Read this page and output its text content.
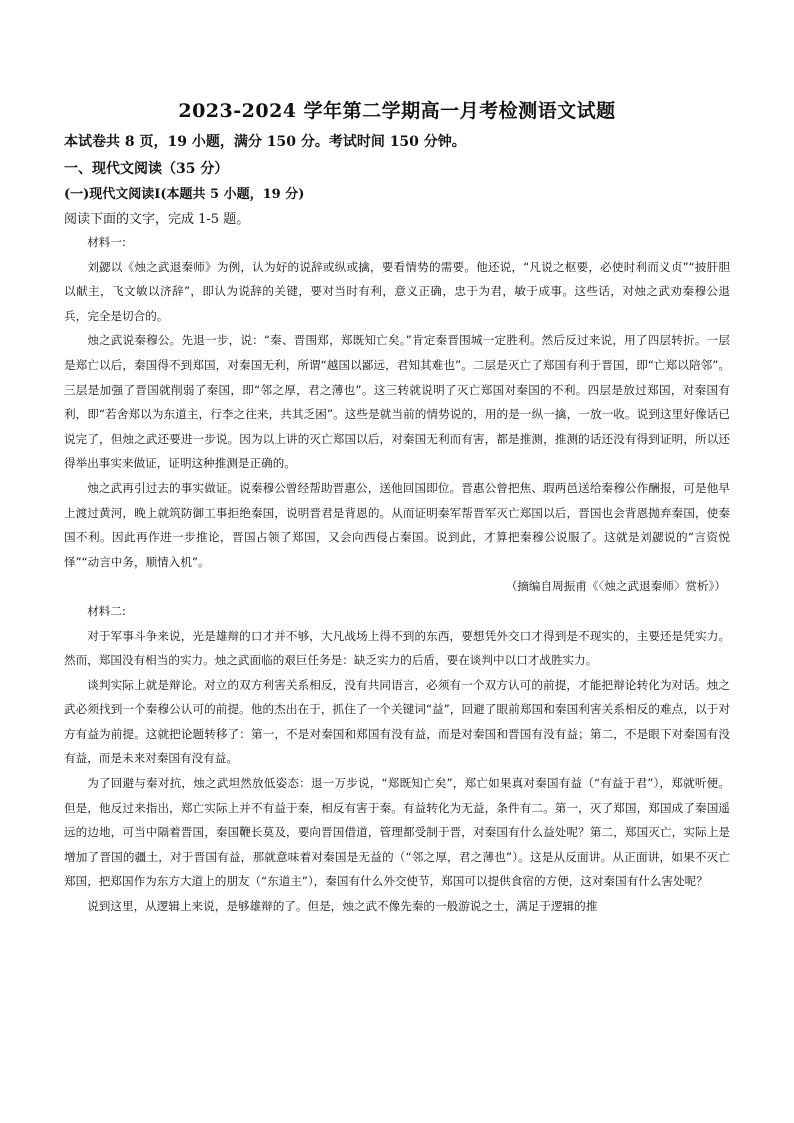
2023-2024 学年第二学期高一月考检测语文试题
本试卷共 8 页，19 小题，满分 150 分。考试时间 150 分钟。
一、现代文阅读（35 分）
(一)现代文阅读Ⅰ(本题共 5 小题，19 分)
阅读下面的文字，完成 1-5 题。

材料一:

刘勰以《烛之武退秦师》为例，认为好的说辞或纵或擒，要看情势的需要。他还说，“凡说之枢要，必使时利而义贞”“披肝胆以献主，飞文敏以济辞”，即认为说辞的关键，要对当时有利，意义正确，忠于为君，敏于成事。这些话，对烛之武劝秦穆公退兵，完全是切合的。

烛之武说秦穆公。先退一步，说：“秦、晋围郑，郑既知亡矣。”肯定秦晋围城一定胜利。然后反过来说，用了四层转折。一层是郑亡以后，秦国得不到郑国，对秦国无利，所谓“越国以鄙远，君知其难也”。二层是灭亡了郑国有利于晋国，即“亡郑以陪邻”。三层是加强了晋国就削弱了秦国，即“邻之厚，君之薄也”。这三转就说明了灭亡郑国对秦国的不利。四层是放过郑国，对秦国有利，即“若舍郑以为东道主，行李之往来，共其乏困”。这些是就当前的情势说的，用的是一纵一擒，一放一收。说到这里好像话已说完了，但烛之武还要进一步说。因为以上讲的灭亡郑国以后，对秦国无利而有害，都是推测，推测的话还没有得到证明，所以还得举出事实来做证，证明这种推测是正确的。

烛之武再引过去的事实做证。说秦穆公曾经帮助晋惠公，送他回国即位。晋惠公曾把焦、瑕两邑送给秦穆公作酬报，可是他早上渡过黄河，晚上就筑防御工事拒绝秦国，说明晋君是背恩的。从而证明秦军帮晋军灭亡郑国以后，晋国也会背恩抛弃秦国，使秦国不利。因此再作进一步推论，晋国占领了郑国，又会向西侵占秦国。说到此，才算把秦穆公说服了。这就是刘勰说的“言资悦怿”“动言中务，顺情入机”。

（摘编自周振甫《〈烛之武退秦师〉赏析》）

材料二:

对于军事斗争来说，光是雄辩的口才并不够，大凡战场上得不到的东西，要想凭外交口才得到是不现实的，主要还是凭实力。然而，郑国没有相当的实力。烛之武面临的艰巨任务是：缺乏实力的后盾，要在谈判中以口才战胜实力。

谈判实际上就是辩论。对立的双方利害关系相反，没有共同语言，必须有一个双方认可的前提，才能把辩论转化为对话。烛之武必须找到一个秦穆公认可的前提。他的杰出在于，抓住了一个关键词“益”，回避了眼前郑国和秦国利害关系相反的难点，以于对方有益为前提。这就把论题转移了：第一，不是对秦国和郑国有没有益，而是对秦国和晋国有没有益；第二，不是眼下对秦国有没有益，而是未来对秦国有没有益。

为了回避与秦对抗，烛之武坦然放低姿态：退一万步说，“郑既知亡矣”，郑亡如果真对秦国有益（“有益于君”），郑就听便。但是，他反过来指出，郑亡实际上并不有益于秦，相反有害于秦。有益转化为无益，条件有二。第一，灭了郑国，郑国成了秦国遥远的边地，可当中隔着晋国，秦国鞭长莫及，要向晋国借道，管理都受制于晋，对秦国有什么益处呢？第二，郑国灭亡，实际上是增加了晋国的疆土，对于晋国有益，那就意味着对秦国是无益的（“邻之厚，君之薄也”）。这是从反面讲。从正面讲，如果不灭亡郑国，把郑国作为东方大道上的朋友（“东道主”），秦国有什么外交使节，郑国可以提供食宿的方便，这对秦国有什么害处呢？

说到这里，从逻辑上来说，是够雄辩的了。但是，烛之武不像先秦的一般游说之士，满足于逻辑的推
